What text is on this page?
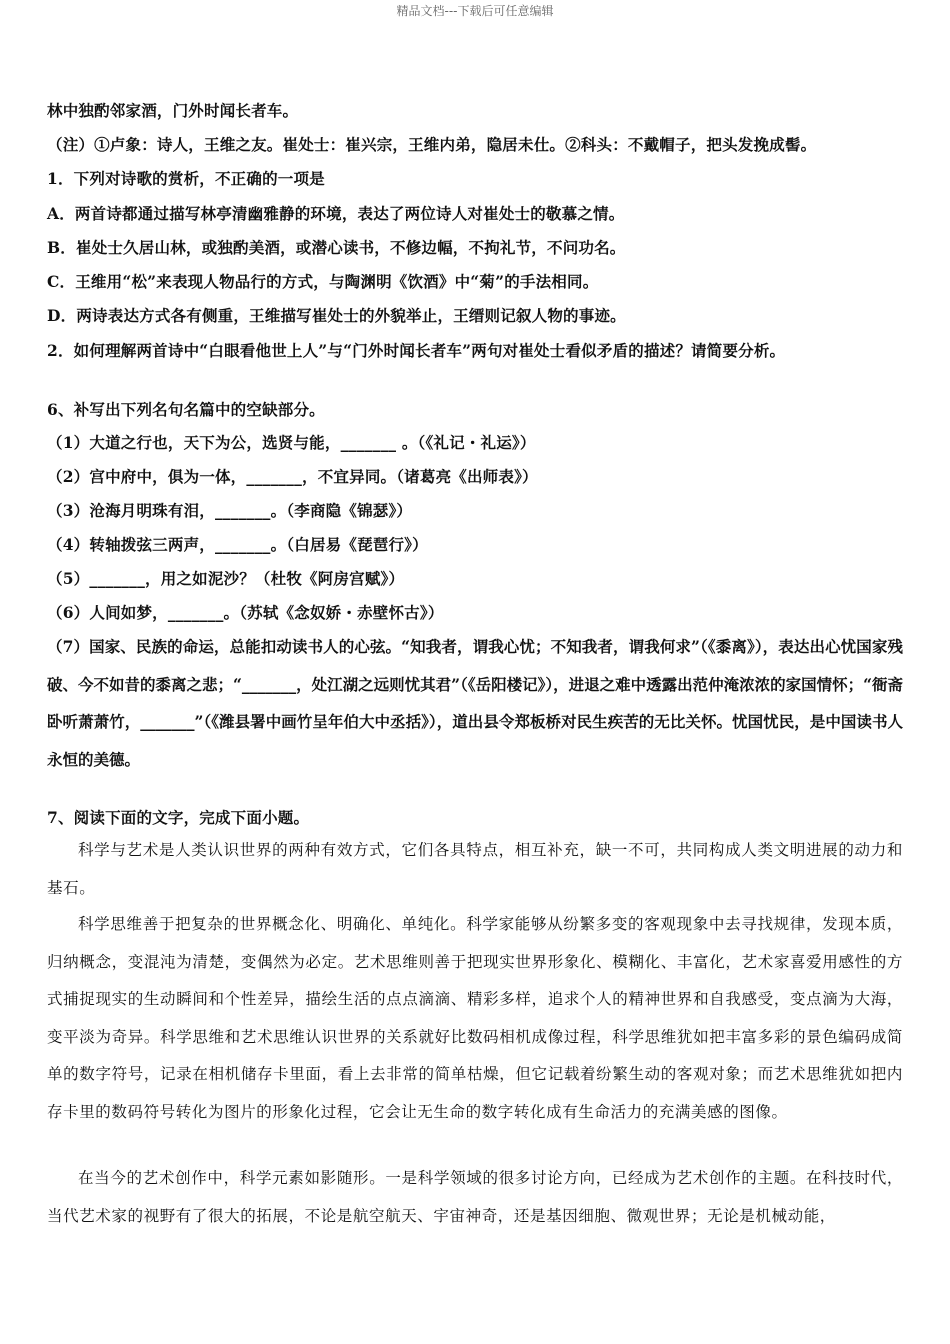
精品文档---下载后可任意编辑
林中独酌邻家酒，门外时闻长者车。
（注）①卢象：诗人，王维之友。崔处士：崔兴宗，王维内弟，隐居未仕。②科头：不戴帽子，把头发挽成髻。
1．下列对诗歌的赏析，不正确的一项是
A．两首诗都通过描写林亭清幽雅静的环境，表达了两位诗人对崔处士的敬慕之情。
B．崔处士久居山林，或独酌美酒，或潜心读书，不修边幅，不拘礼节，不问功名。
C．王维用“松”来表现人物品行的方式，与陶渊明《饮酒》中“菊”的手法相同。
D．两诗表达方式各有侧重，王维描写崔处士的外貌举止，王缙则记叙人物的事迹。
2．如何理解两首诗中“白眼看他世上人”与“门外时闻长者车”两句对崔处士看似矛盾的描述？请简要分析。
6、补写出下列名句名篇中的空缺部分。
（1）大道之行也，天下为公，选贤与能，_______ 。（《礼记・礼运》）
（2）宫中府中，俱为一体，_______，不宜异同。（诸葛亮《出师表》）
（3）沧海月明珠有泪，_______。（李商隐《锦瑟》）
（4）转轴拨弦三两声，_______。（白居易《琵琶行》）
（5）_______，用之如泥沙？（杜牧《阿房宫赋》）
（6）人间如梦，_______。（苏轼《念奴娇・赤壁怀古》）
（7）国家、民族的命运，总能扣动读书人的心弦。“知我者，谓我心忧；不知我者，谓我何求”（《黍离》），表达出心忧国家残破、今不如昔的黍离之悲；“_______，处江湖之远则忧其君”（《岳阳楼记》），进退之难中透露出范仲淹浓浓的家国情怀；“衙斋卧听萧萧竹，_______”（《潍县署中画竹呈年伯大中丞括》），道出县令郑板桥对民生疾苦的无比关怀。忧国忧民，是中国读书人永恒的美德。
7、阅读下面的文字，完成下面小题。
科学与艺术是人类认识世界的两种有效方式，它们各具特点，相互补充，缺一不可，共同构成人类文明进展的动力和基石。
科学思维善于把复杂的世界概念化、明确化、单纯化。科学家能够从纷繁多变的客观现象中去寻找规律，发现本质，归纳概念，变混沌为清楚，变偶然为必定。艺术思维则善于把现实世界形象化、模糊化、丰富化，艺术家喜爱用感性的方式捕捉现实的生动瞬间和个性差异，描绘生活的点点滴滴、精彩多样，追求个人的精神世界和自我感受，变点滴为大海，变平淡为奇异。科学思维和艺术思维认识世界的关系就好比数码相机成像过程，科学思维犹如把丰富多彩的景色编码成简单的数字符号，记录在相机储存卡里面，看上去非常的简单枯燥，但它记载着纷繁生动的客观对象；而艺术思维犹如把内存卡里的数码符号转化为图片的形象化过程，它会让无生命的数字转化成有生命活力的充满美感的图像。
在当今的艺术创作中，科学元素如影随形。一是科学领域的很多讨论方向，已经成为艺术创作的主题。在科技时代，当代艺术家的视野有了很大的拓展，不论是航空航天、宇宙神奇，还是基因细胞、微观世界；无论是机械动能，
